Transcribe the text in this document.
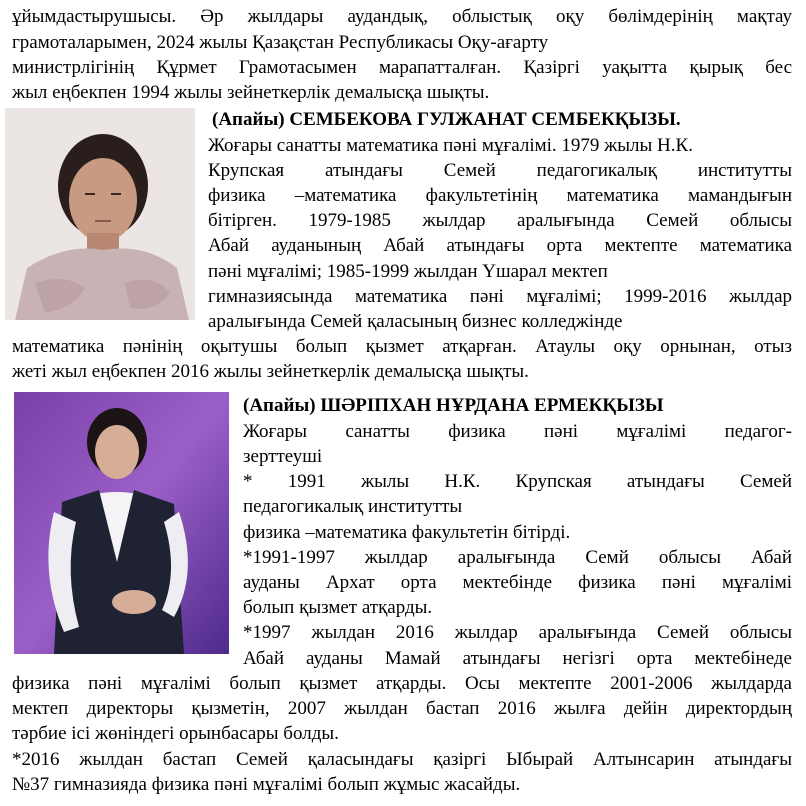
ұйымдастырушысы. Әр жылдары аудандық, облыстық оқу бөлімдерінің мақтау
грамоталарымен, 2024 жылы Қазақстан Республикасы Оқу-ағарту
министрлігінің Құрмет Грамотасымен марапатталған. Қазіргі уақытта қырық бес
жыл еңбекпен 1994 жылы зейнеткерлік демалысқа шықты.
(Апайы) СЕМБЕКОВА ГУЛЖАНАТ СЕМБЕКҚЫЗЫ.
Жоғары санатты математика пәні мұғалімі. 1979 жылы Н.К.
Крупская атындағы Семей педагогикалық институтты
физика –математика факультетінің математика мамандығын
бітірген. 1979-1985 жылдар аралығында Семей облысы
Абай ауданының Абай атындағы орта мектепте математика
пәні мұғалімі; 1985-1999 жылдан Үшарал мектеп
гимназиясында математика пәні мұғалімі; 1999-2016 жылдар
аралығында Семей қаласының бизнес колледжінде
математика пәнінің оқытушы болып қызмет атқарған. Атаулы оқу орнынан, отыз
жеті жыл еңбекпен 2016 жылы зейнеткерлік демалысқа шықты.
(Апайы) ШӘРІПХАН НҰРДАНА ЕРМЕКҚЫЗЫ
Жоғары санатты физика пәні мұғалімі педагог-
зерттеуші
* 1991 жылы Н.К. Крупская атындағы Семей
педагогикалық институтты
физика –математика факультетін бітірді.
*1991-1997 жылдар аралығында Семй облысы Абай
ауданы Архат орта мектебінде физика пәні мұғалімі
болып қызмет атқарды.
*1997 жылдан 2016 жылдар аралығында Семей облысы
Абай ауданы Мамай атындағы негізгі орта мектебінеде
физика пәні мұғалімі болып қызмет атқарды. Осы мектепте 2001-2006 жылдарда
мектеп директоры қызметін, 2007 жылдан бастап 2016 жылға дейін директордың
тәрбие ісі жөніндегі орынбасары болды.
*2016 жылдан бастап Семей қаласындағы қазіргі Ыбырай Алтынсарин атындағы
№37 гимназияда физика пәні мұғалімі болып жұмыс жасайды.
